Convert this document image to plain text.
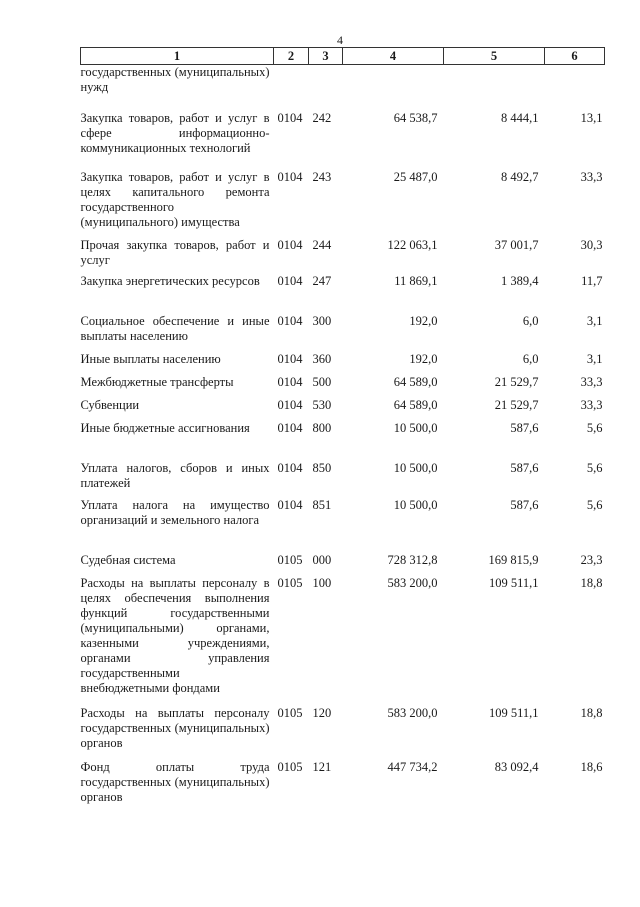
4
1	2	3	4	5	6
государственных (муниципальных) нужд					
Закупка товаров, работ и услуг в сфере информационно-коммуникационных технологий	0104	242	64 538,7	8 444,1	13,1
Закупка товаров, работ и услуг в целях капитального ремонта государственного (муниципального) имущества	0104	243	25 487,0	8 492,7	33,3
Прочая закупка товаров, работ и услуг	0104	244	122 063,1	37 001,7	30,3
Закупка энергетических ресурсов	0104	247	11 869,1	1 389,4	11,7
Социальное обеспечение и иные выплаты населению	0104	300	192,0	6,0	3,1
Иные выплаты населению	0104	360	192,0	6,0	3,1
Межбюджетные трансферты	0104	500	64 589,0	21 529,7	33,3
Субвенции	0104	530	64 589,0	21 529,7	33,3
Иные бюджетные ассигнования	0104	800	10 500,0	587,6	5,6
Уплата налогов, сборов и иных платежей	0104	850	10 500,0	587,6	5,6
Уплата налога на имущество организаций и земельного налога	0104	851	10 500,0	587,6	5,6
Судебная система	0105	000	728 312,8	169 815,9	23,3
Расходы на выплаты персоналу в целях обеспечения выполнения функций государственными (муниципальными) органами, казенными учреждениями, органами управления государственными внебюджетными фондами	0105	100	583 200,0	109 511,1	18,8
Расходы на выплаты персоналу государственных (муниципальных) органов	0105	120	583 200,0	109 511,1	18,8
Фонд оплаты труда государственных (муниципальных) органов	0105	121	447 734,2	83 092,4	18,6
